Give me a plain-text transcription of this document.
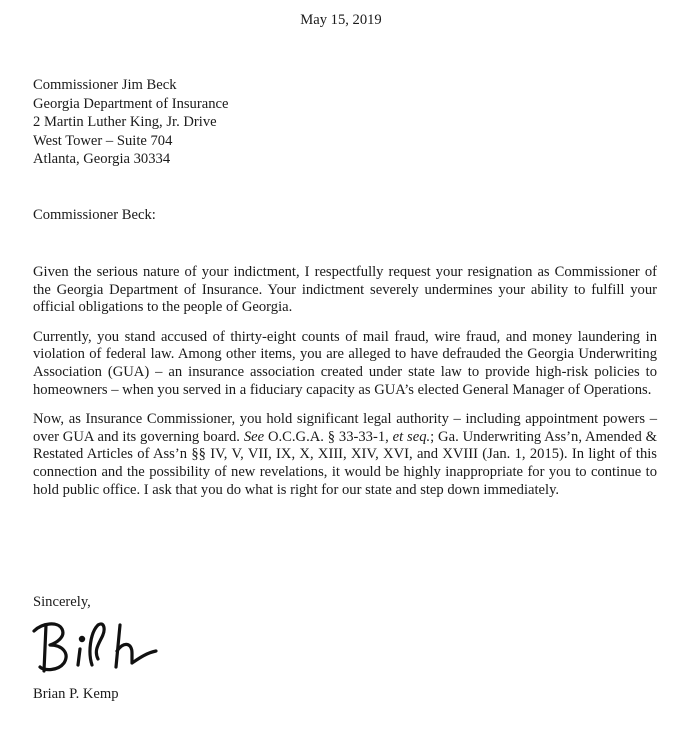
May 15, 2019
Commissioner Jim Beck
Georgia Department of Insurance
2 Martin Luther King, Jr. Drive
West Tower – Suite 704
Atlanta, Georgia 30334
Commissioner Beck:

Given the serious nature of your indictment, I respectfully request your resignation as Commissioner of the Georgia Department of Insurance. Your indictment severely undermines your ability to fulfill your official obligations to the people of Georgia.

Currently, you stand accused of thirty-eight counts of mail fraud, wire fraud, and money laundering in violation of federal law. Among other items, you are alleged to have defrauded the Georgia Underwriting Association (GUA) – an insurance association created under state law to provide high-risk policies to homeowners – when you served in a fiduciary capacity as GUA’s elected General Manager of Operations.

Now, as Insurance Commissioner, you hold significant legal authority – including appointment powers – over GUA and its governing board. See O.C.G.A. § 33-33-1, et seq.; Ga. Underwriting Ass’n, Amended & Restated Articles of Ass’n §§ IV, V, VII, IX, X, XIII, XIV, XVI, and XVIII (Jan. 1, 2015). In light of this connection and the possibility of new revelations, it would be highly inappropriate for you to continue to hold public office. I ask that you do what is right for our state and step down immediately.

Sincerely,
Brian P. Kemp
